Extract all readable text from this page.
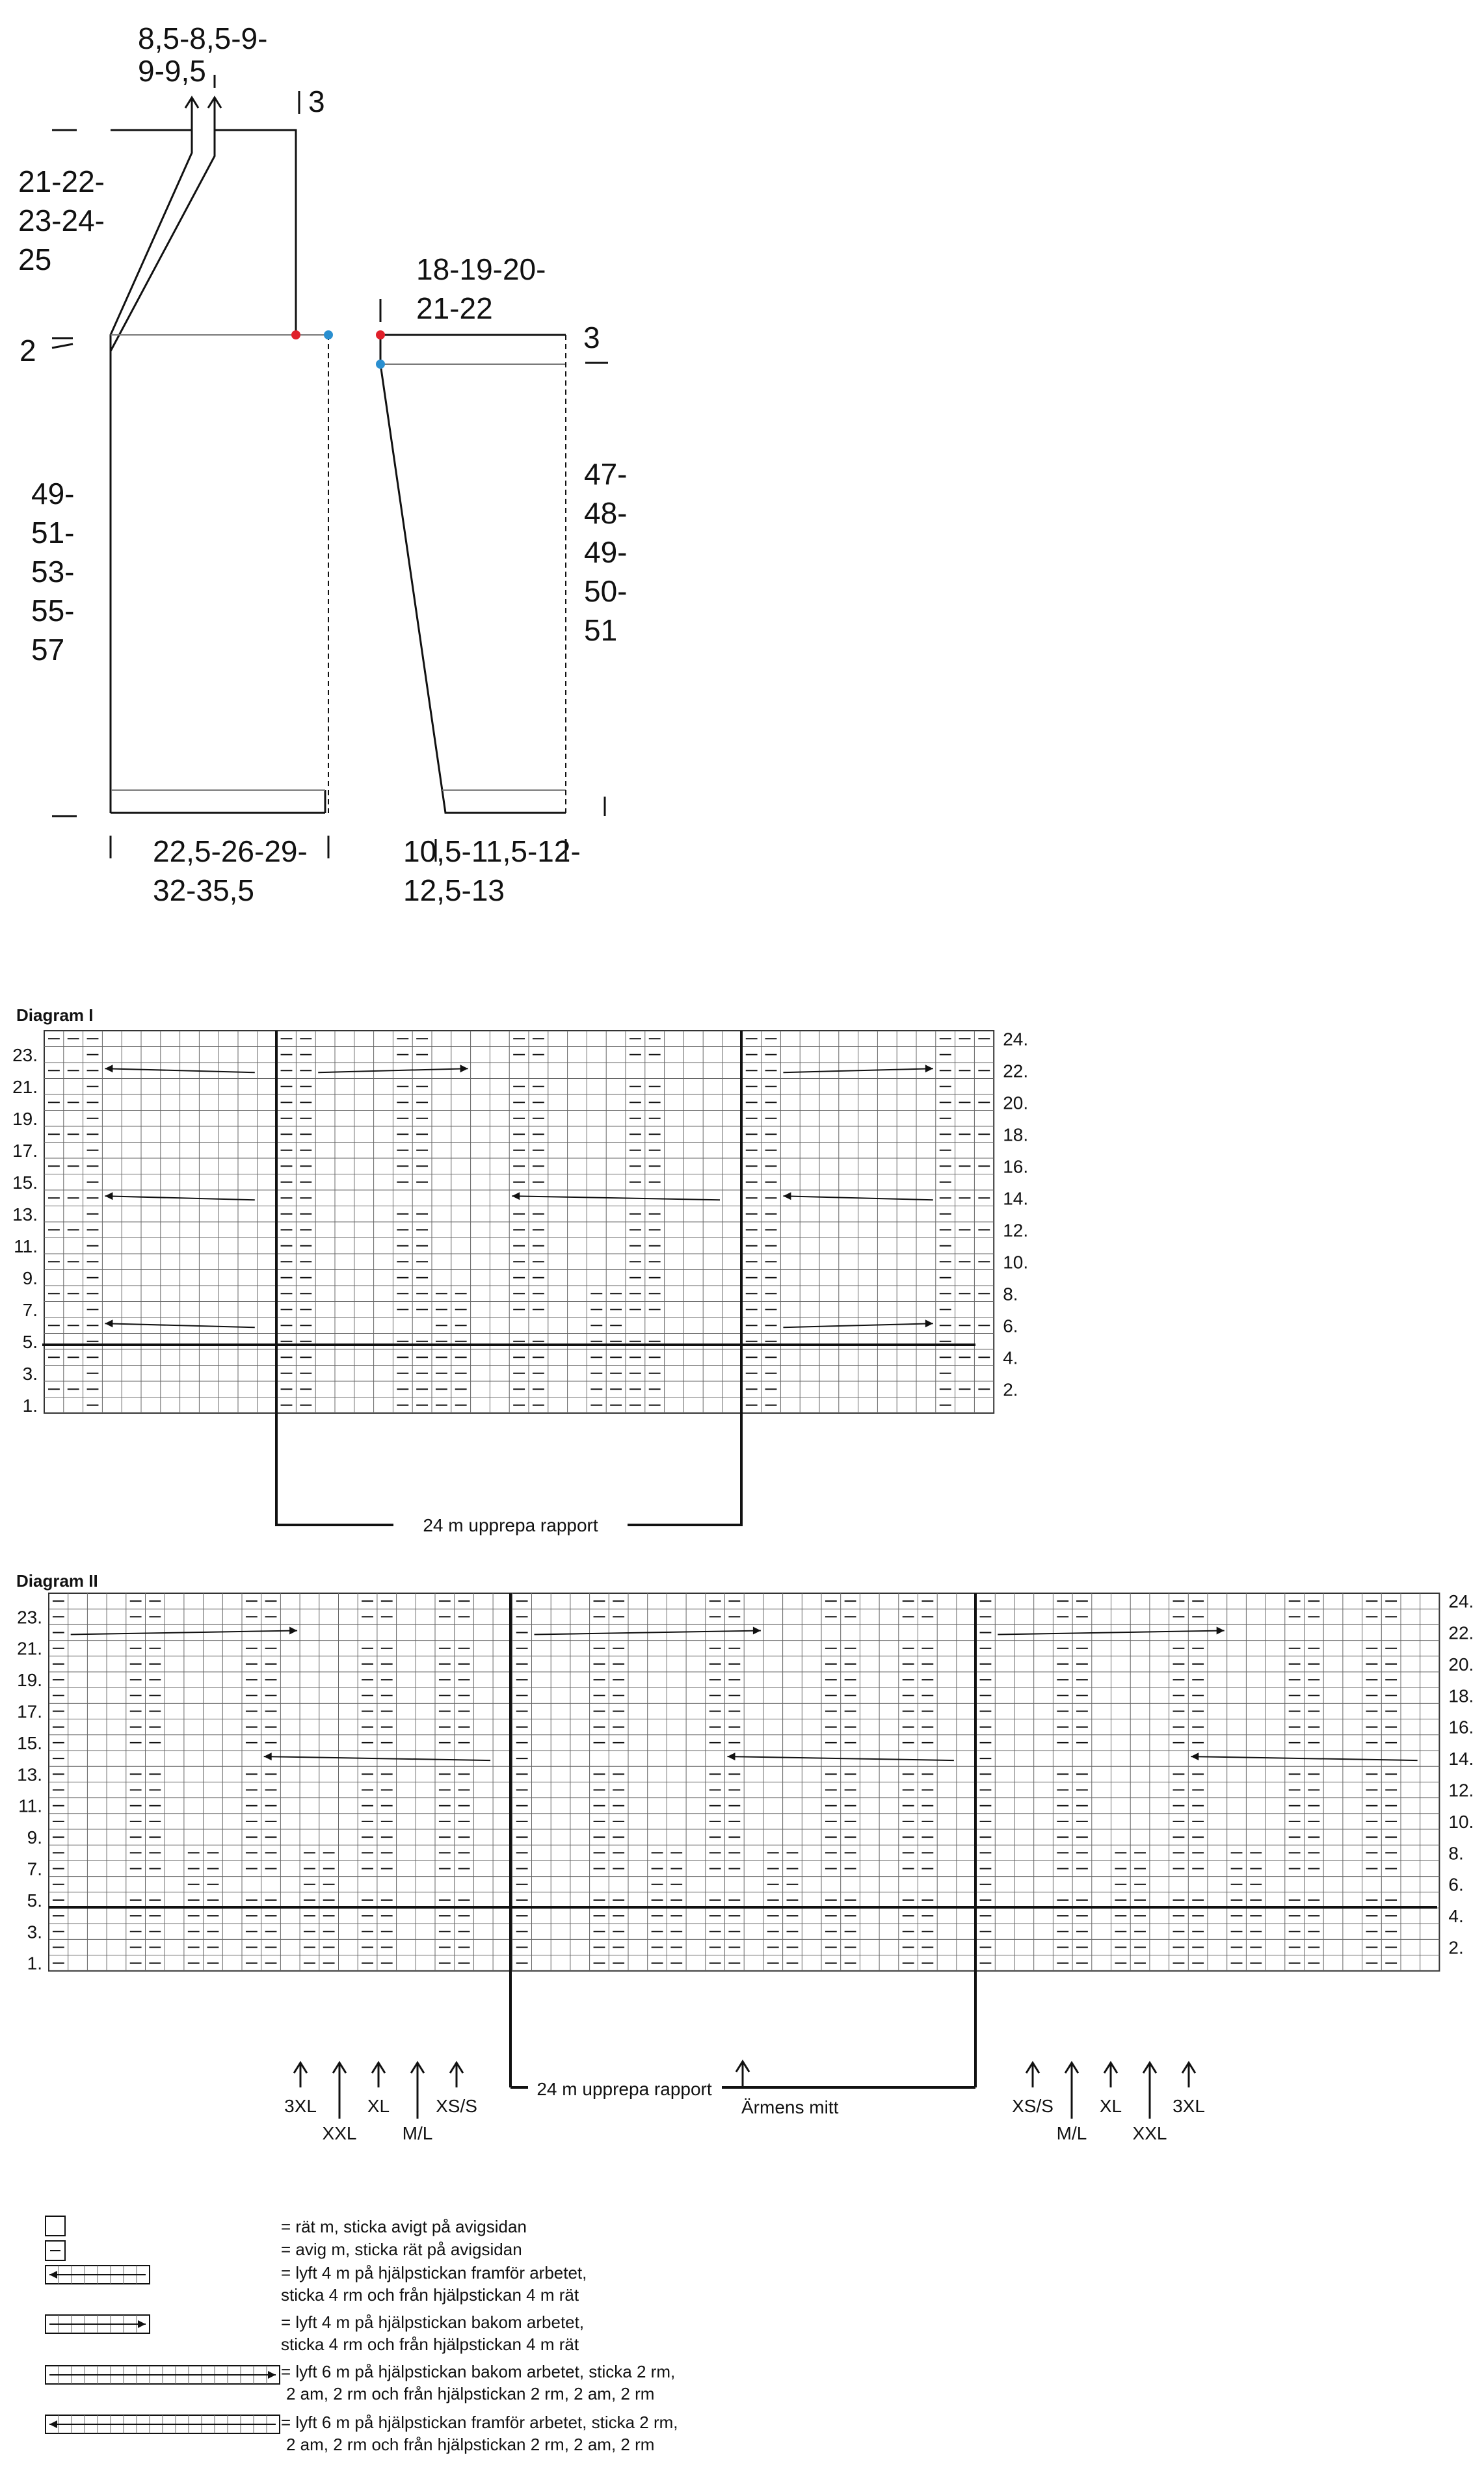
8,5-8,5-9-9-9,5
3
21-22-23-24-25
2
49-51-53-55-57
22,5-26-29-32-35,5
18-19-20-21-22
3
47-48-49-50-51
10,5-11,5-12-12,5-13
Diagram I
23.
21.
19.
17.
15.
13.
11.
9.
7.
5.
3.
1.
24.
22.
20.
18.
16.
14.
12.
10.
8.
6.
4.
2.
24 m upprepa rapport
Diagram II
23.
21.
19.
17.
15.
13.
11.
9.
7.
5.
3.
1.
24.
22.
20.
18.
16.
14.
12.
10.
8.
6.
4.
2.
24 m upprepa rapport
Ärmens mitt
3XL
XXL
XL
M/L
XS/S	XS/S
M/L
XL
XXL
3XL
= rät m, sticka avigt på avigsidan
= avig m, sticka rät på avigsidan
= lyft 4 m på hjälpstickan framför arbetet, sticka 4 rm och från hjälpstickan 4 m rät
= lyft 4 m på hjälpstickan bakom arbetet, sticka 4 rm och från hjälpstickan 4 m rät
= lyft 6 m på hjälpstickan bakom arbetet, sticka 2 rm, 2 am, 2 rm och från hjälpstickan 2 rm, 2 am, 2 rm
= lyft 6 m på hjälpstickan framför arbetet, sticka 2 rm, 2 am, 2 rm och från hjälpstickan 2 rm, 2 am, 2 rm
